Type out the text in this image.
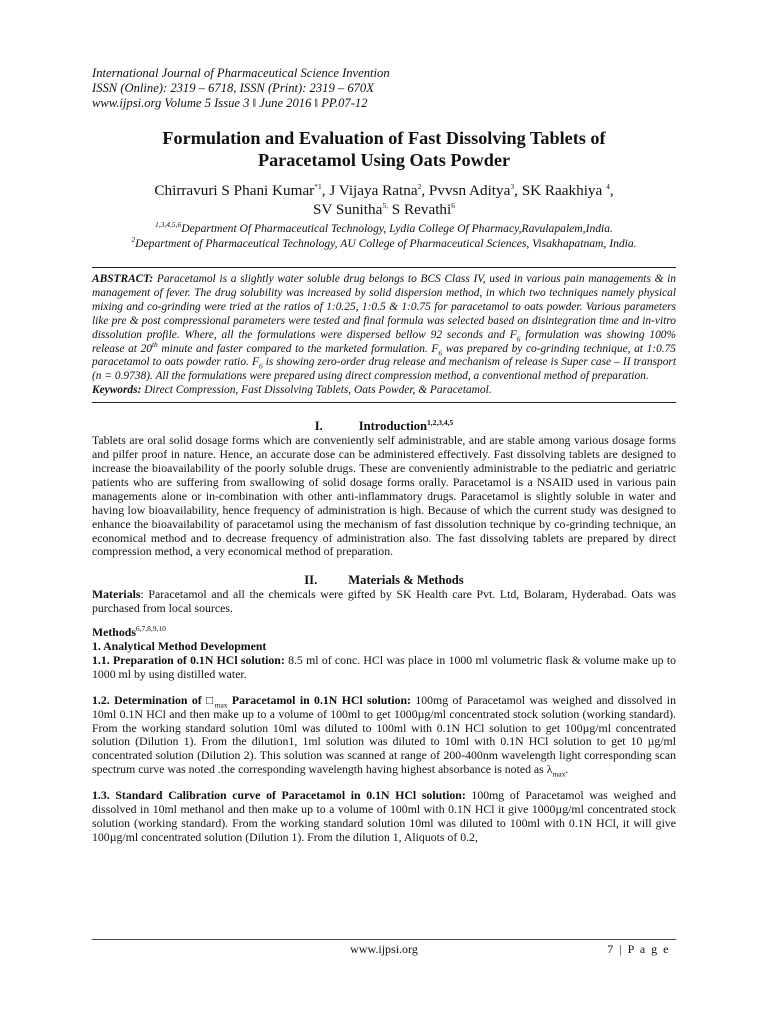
International Journal of Pharmaceutical Science Invention
ISSN (Online): 2319 – 6718, ISSN (Print): 2319 – 670X
www.ijpsi.org Volume 5 Issue 3 ǁ June 2016 ǁ PP.07-12
Formulation and Evaluation of Fast Dissolving Tablets of
Paracetamol Using Oats Powder
Chirravuri S Phani Kumar$^{*1}$, J Vijaya Ratna$^2$, Pvvsn Aditya$^3$, SK Raakhiya $^4$,
SV Sunitha$^{5,}$ S Revathi$^6$
$^{1,3,4,5,6}$Department Of Pharmaceutical Technology, Lydia College Of Pharmacy,Ravulapalem,India.
$^2$Department of Pharmaceutical Technology, AU College of Pharmaceutical Sciences, Visakhapatnam, India.
ABSTRACT: Paracetamol is a slightly water soluble drug belongs to BCS Class IV, used in various pain managements & in management of fever. The drug solubility was increased by solid dispersion method, in which two techniques namely physical mixing and co-grinding were tried at the ratios of 1:0.25, 1:0.5 & 1:0.75 for paracetamol to oats powder. Various parameters like pre & post compressional parameters were tested and final formula was selected based on disintegration time and in-vitro dissolution profile. Where, all the formulations were dispersed bellow 92 seconds and $F_6$ formulation was showing 100% release at 20th minute and faster compared to the marketed formulation. $F_6$ was prepared by co-grinding technique, at 1:0.75 paracetamol to oats powder ratio. $F_6$ is showing zero-order drug release and mechanism of release is Super case – II transport (n = 0.9738). All the formulations were prepared using direct compression method, a conventional method of preparation.
Keywords: Direct Compression, Fast Dissolving Tablets, Oats Powder, & Paracetamol.
I.	Introduction$^{1,2,3,4,5}$
Tablets are oral solid dosage forms which are conveniently self administrable, and are stable among various dosage forms and pilfer proof in nature. Hence, an accurate dose can be administered effectively. Fast dissolving tablets are designed to increase the bioavailability of the poorly soluble drugs. These are conveniently administrable to the pediatric and geriatric patients who are suffering from swallowing of solid dosage forms orally. Paracetamol is a NSAID used in various pain managements alone or in-combination with other anti-inflammatory drugs. Paracetamol is slightly soluble in water and having low bioavailability, hence frequency of administration is high. Because of which the current study was designed to enhance the bioavailability of paracetamol using the mechanism of fast dissolution technique by co-grinding technique, an economical method and to decrease frequency of administration also. The fast dissolving tablets are prepared by direct compression method, a very economical method of preparation.
II. Materials & Methods
Materials: Paracetamol and all the chemicals were gifted by SK Health care Pvt. Ltd, Bolaram, Hyderabad. Oats was purchased from local sources.
Methods$^{6,7,8,9,10}$
1. Analytical Method Development
1.1. Preparation of 0.1N HCl solution: 8.5 ml of conc. HCl was place in 1000 ml volumetric flask & volume make up to 1000 ml by using distilled water.
1.2. Determination of $□_{max}$ Paracetamol in 0.1N HCl solution: 100mg of Paracetamol was weighed and dissolved in 10ml 0.1N HCl and then make up to a volume of 100ml to get 1000µg/ml concentrated stock solution (working standard). From the working standard solution 10ml was diluted to 100ml with 0.1N HCl solution to get 100µg/ml concentrated solution (Dilution 1). From the dilution1, 1ml solution was diluted to 10ml with 0.1N HCl solution to get 10 µg/ml concentrated solution (Dilution 2). This solution was scanned at range of 200-400nm wavelength light corresponding scan spectrum curve was noted .the corresponding wavelength having highest absorbance is noted as $\lambda_{max}$.
1.3. Standard Calibration curve of Paracetamol in 0.1N HCl solution: 100mg of Paracetamol was weighed and dissolved in 10ml methanol and then make up to a volume of 100ml with 0.1N HCl it give 1000µg/ml concentrated stock solution (working standard). From the working standard solution 10ml was diluted to 100ml with 0.1N HCl, it will give 100µg/ml concentrated solution (Dilution 1). From the dilution 1, Aliquots of 0.2,
www.ijpsi.org	7 | P a g e
